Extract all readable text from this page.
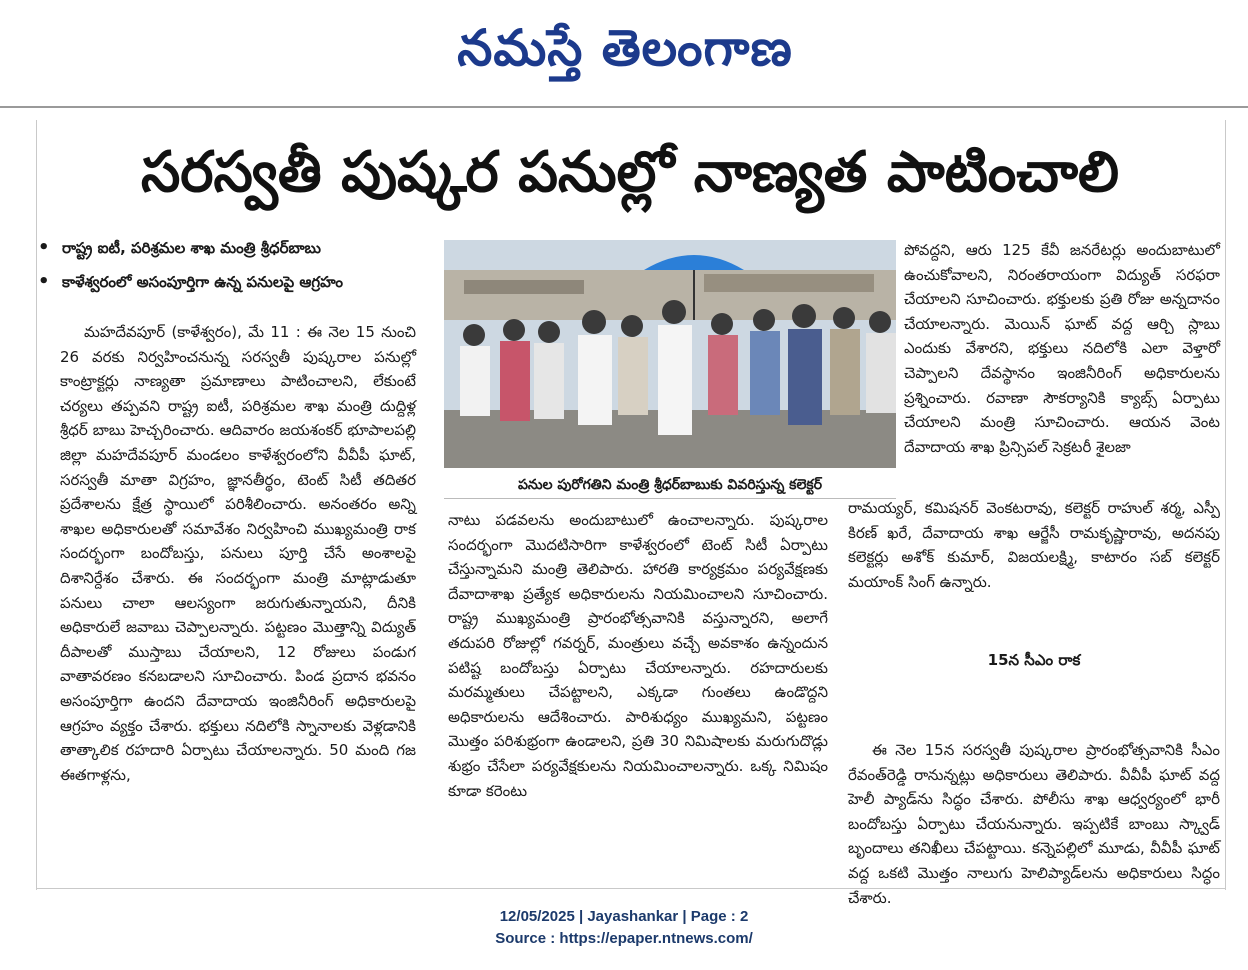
నమస్తే తెలంగాణ
సరస్వతీ పుష్కర పనుల్లో నాణ్యత పాటించాలి
• రాష్ట్ర ఐటీ, పరిశ్రమల శాఖ మంత్రి శ్రీధర్‌బాబు
• కాళేశ్వరంలో అసంపూర్తిగా ఉన్న పనులపై ఆగ్రహం

మహదేవపూర్ (కాళేశ్వరం), మే 11 : ఈ నెల 15 నుంచి 26 వరకు నిర్వహించనున్న సరస్వతీ పుష్కరాల పనుల్లో కాంట్రాక్టర్లు నాణ్యతా ప్రమాణాలు పాటించాలని, లేకుంటే చర్యలు తప్పవని రాష్ట్ర ఐటీ, పరిశ్రమల శాఖ మంత్రి దుద్దిళ్ల శ్రీధర్ బాబు హెచ్చరించారు. ఆదివారం జయశంకర్ భూపాలపల్లి జిల్లా మహదేవపూర్ మండలం కాళేశ్వరంలోని వీవీపీ ఘాట్, సరస్వతీ మాతా విగ్రహం, జ్ఞానతీర్థం, టెంట్ సిటీ తదితర ప్రదేశాలను క్షేత్ర స్థాయిలో పరిశీలించారు. అనంతరం అన్ని శాఖల అధికారులతో సమావేశం నిర్వహించి ముఖ్యమంత్రి రాక సందర్భంగా బందోబస్తు, పనులు పూర్తి చేసే అంశాలపై దిశానిర్దేశం చేశారు. ఈ సందర్భంగా మంత్రి మాట్లాడుతూ పనులు చాలా ఆలస్యంగా జరుగుతున్నాయని, దీనికి అధికారులే జవాబు చెప్పాలన్నారు. పట్టణం మొత్తాన్ని విద్యుత్ దీపాలతో ముస్తాబు చేయాలని, 12 రోజులు పండుగ వాతావరణం కనబడాలని సూచించారు. పిండ ప్రదాన భవనం అసంపూర్తిగా ఉందని దేవాదాయ ఇంజినీరింగ్ అధికారులపై ఆగ్రహం వ్యక్తం చేశారు. భక్తులు నదిలోకి స్నానాలకు వెళ్లడానికి తాత్కాలిక రహదారి ఏర్పాటు చేయాలన్నారు. 50 మంది గజ ఈతగాళ్లను,

పనుల పురోగతిని మంత్రి శ్రీధర్‌బాబుకు వివరిస్తున్న కలెక్టర్

నాటు పడవలను అందుబాటులో ఉంచాలన్నారు. పుష్కరాల సందర్భంగా మొదటిసారిగా కాళేశ్వరంలో టెంట్ సిటీ ఏర్పాటు చేస్తున్నామని మంత్రి తెలిపారు. హారతి కార్యక్రమం పర్యవేక్షణకు దేవాదాశాఖ ప్రత్యేక అధికారులను నియమించాలని సూచించారు. రాష్ట్ర ముఖ్యమంత్రి ప్రారంభోత్సవానికి వస్తున్నారని, అలాగే తదుపరి రోజుల్లో గవర్నర్, మంత్రులు వచ్చే అవకాశం ఉన్నందున పటిష్ట బందోబస్తు ఏర్పాటు చేయాలన్నారు. రహదారులకు మరమ్మతులు చేపట్టాలని, ఎక్కడా గుంతలు ఉండొద్దని అధికారులను ఆదేశించారు. పారిశుధ్యం ముఖ్యమని, పట్టణం మొత్తం పరిశుభ్రంగా ఉండాలని, ప్రతి 30 నిమిషాలకు మరుగుదొడ్లు శుభ్రం చేసేలా పర్యవేక్షకులను నియమించాలన్నారు. ఒక్క నిమిషం కూడా కరెంటు

పోవద్దని, ఆరు 125 కేవీ జనరేటర్లు అందుబాటులో ఉంచుకోవాలని, నిరంతరాయంగా విద్యుత్ సరఫరా చేయాలని సూచించారు. భక్తులకు ప్రతి రోజు అన్నదానం చేయాలన్నారు. మెయిన్ ఘాట్ వద్ద ఆర్చి స్లాబు ఎందుకు వేశారని, భక్తులు నదిలోకి ఎలా వెళ్తారో చెప్పాలని దేవస్థానం ఇంజినీరింగ్ అధికారులను ప్రశ్నించారు. రవాణా సౌకర్యానికి క్యాబ్స్ ఏర్పాటు చేయాలని మంత్రి సూచించారు. ఆయన వెంట దేవాదాయ శాఖ ప్రిన్సిపల్ సెక్రటరీ శైలజా

రామయ్యర్, కమిషనర్ వెంకటరావు, కలెక్టర్ రాహుల్ శర్మ, ఎస్పీ కిరణ్ ఖరే, దేవాదాయ శాఖ ఆర్జేసీ రామకృష్ణారావు, అదనపు కలెక్టర్లు అశోక్ కుమార్, విజయలక్ష్మి, కాటారం సబ్ కలెక్టర్ మయాంక్ సింగ్ ఉన్నారు.

15న సీఎం రాక

ఈ నెల 15న సరస్వతీ పుష్కరాల ప్రారంభోత్సవానికి సీఎం రేవంత్‌రెడ్డి రానున్నట్లు అధికారులు తెలిపారు. వీవీపీ ఘాట్ వద్ద హెలీ ప్యాడ్‌ను సిద్ధం చేశారు. పోలీసు శాఖ ఆధ్వర్యంలో భారీ బందోబస్తు ఏర్పాటు చేయనున్నారు. ఇప్పటికే బాంబు స్క్వాడ్ బృందాలు తనిఖీలు చేపట్టాయి. కన్నెపల్లిలో మూడు, వీవీపీ ఘాట్ వద్ద ఒకటి మొత్తం నాలుగు హెలిప్యాడ్‌లను అధికారులు సిద్ధం చేశారు.

12/05/2025 | Jayashankar | Page : 2
Source : https://epaper.ntnews.com/
